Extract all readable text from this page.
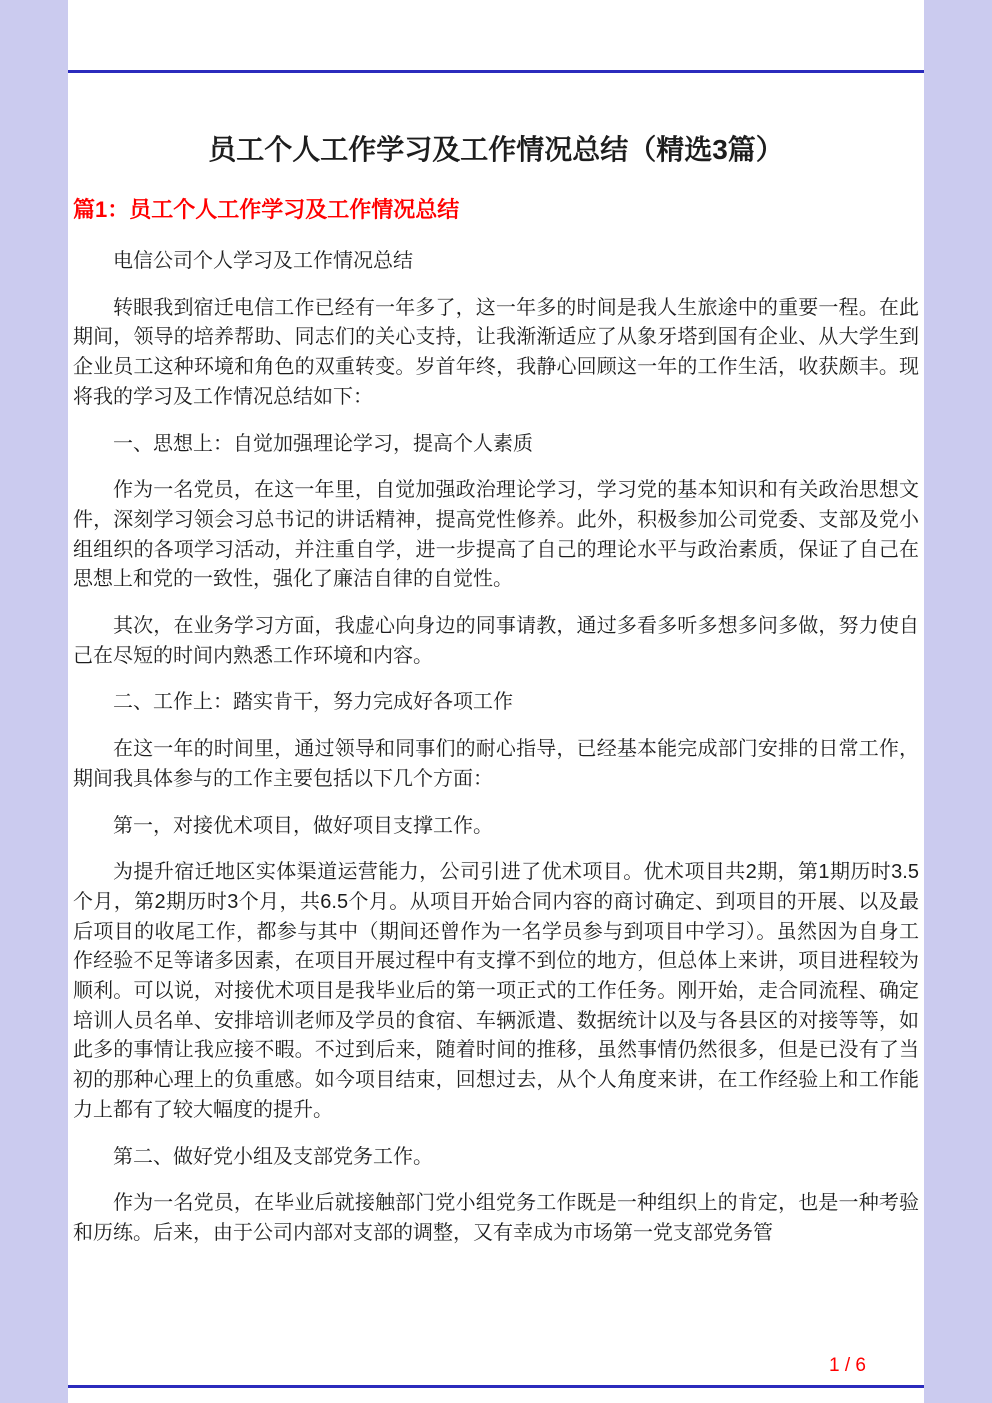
员工个人工作学习及工作情况总结（精选3篇）
篇1：员工个人工作学习及工作情况总结

电信公司个人学习及工作情况总结

转眼我到宿迁电信工作已经有一年多了，这一年多的时间是我人生旅途中的重要一程。在此期间，领导的培养帮助、同志们的关心支持，让我渐渐适应了从象牙塔到国有企业、从大学生到企业员工这种环境和角色的双重转变。岁首年终，我静心回顾这一年的工作生活，收获颇丰。现将我的学习及工作情况总结如下：

一、思想上：自觉加强理论学习，提高个人素质

作为一名党员，在这一年里，自觉加强政治理论学习，学习党的基本知识和有关政治思想文件，深刻学习领会习总书记的讲话精神，提高党性修养。此外，积极参加公司党委、支部及党小组组织的各项学习活动，并注重自学，进一步提高了自己的理论水平与政治素质，保证了自己在思想上和党的一致性，强化了廉洁自律的自觉性。

其次，在业务学习方面，我虚心向身边的同事请教，通过多看多听多想多问多做，努力使自己在尽短的时间内熟悉工作环境和内容。

二、工作上：踏实肯干，努力完成好各项工作

在这一年的时间里，通过领导和同事们的耐心指导，已经基本能完成部门安排的日常工作，期间我具体参与的工作主要包括以下几个方面：

第一，对接优术项目，做好项目支撑工作。

为提升宿迁地区实体渠道运营能力，公司引进了优术项目。优术项目共2期，第1期历时3.5个月，第2期历时3个月，共6.5个月。从项目开始合同内容的商讨确定、到项目的开展、以及最后项目的收尾工作，都参与其中（期间还曾作为一名学员参与到项目中学习）。虽然因为自身工作经验不足等诸多因素，在项目开展过程中有支撑不到位的地方，但总体上来讲，项目进程较为顺利。可以说，对接优术项目是我毕业后的第一项正式的工作任务。刚开始，走合同流程、确定培训人员名单、安排培训老师及学员的食宿、车辆派遣、数据统计以及与各县区的对接等等，如此多的事情让我应接不暇。不过到后来，随着时间的推移，虽然事情仍然很多，但是已没有了当初的那种心理上的负重感。如今项目结束，回想过去，从个人角度来讲，在工作经验上和工作能力上都有了较大幅度的提升。

第二、做好党小组及支部党务工作。

作为一名党员，在毕业后就接触部门党小组党务工作既是一种组织上的肯定，也是一种考验和历练。后来，由于公司内部对支部的调整，又有幸成为市场第一党支部党务管

1 / 6
